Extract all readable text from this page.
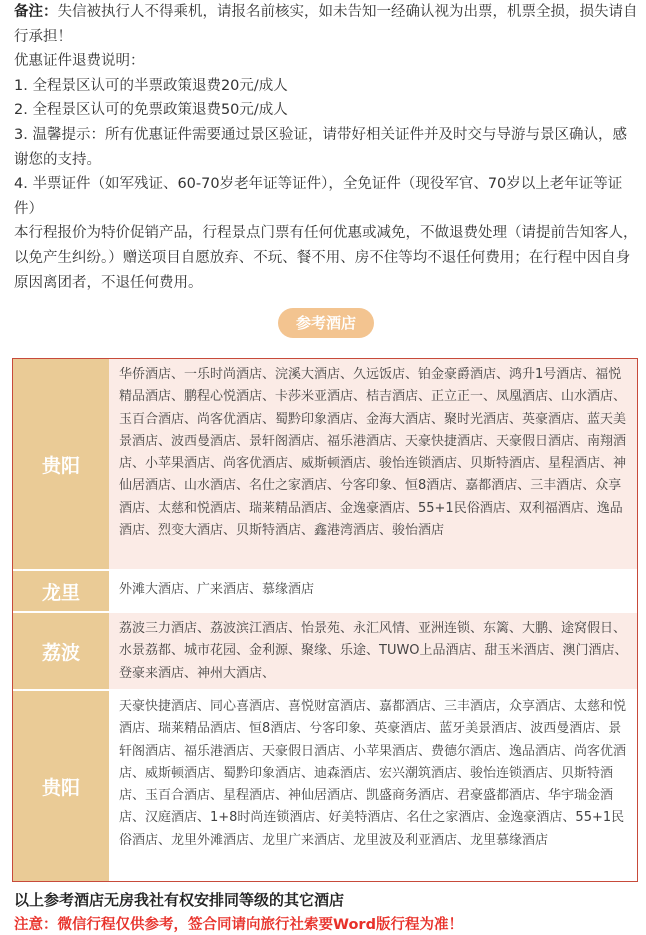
备注：失信被执行人不得乘机，请报名前核实，如未告知一经确认视为出票，机票全损，损失请自行承担！

优惠证件退费说明：

1. 全程景区认可的半票政策退费20元/成人

2. 全程景区认可的免票政策退费50元/成人

3. 温馨提示：所有优惠证件需要通过景区验证，请带好相关证件并及时交与导游与景区确认，感谢您的支持。

4. 半票证件（如军残证、60-70岁老年证等证件），全免证件（现役军官、70岁以上老年证等证件）

本行程报价为特价促销产品，行程景点门票有任何优惠或减免，不做退费处理（请提前告知客人，以免产生纠纷。）赠送项目自愿放弃、不玩、餐不用、房不住等均不退任何费用；在行程中因自身原因离团者，不退任何费用。

参考酒店
贵阳
华侨酒店、一乐时尚酒店、浣溪大酒店、久远饭店、铂金豪爵酒店、鸿升1号酒店、福悦精品酒店、鹏程心悦酒店、卡莎米亚酒店、桔吉酒店、正立正一、凤凰酒店、山水酒店、玉百合酒店、尚客优酒店、蜀黔印象酒店、金海大酒店、聚时光酒店、英豪酒店、蓝天美景酒店、波西曼酒店、景轩阁酒店、福乐港酒店、天豪快捷酒店、天豪假日酒店、南翔酒店、小苹果酒店、尚客优酒店、威斯顿酒店、骏怡连锁酒店、贝斯特酒店、星程酒店、神仙居酒店、山水酒店、名仕之家酒店、兮客印象、恒8酒店、嘉都酒店、三丰酒店、众享酒店、太慈和悦酒店、瑞莱精品酒店、金逸豪酒店、55+1民俗酒店、双利福酒店、逸品酒店、烈变大酒店、贝斯特酒店、鑫港湾酒店、骏怡酒店
龙里	外滩大酒店、广来酒店、慕缘酒店
荔波
荔波三力酒店、荔波滨江酒店、怡景苑、永汇风情、亚洲连锁、东篱、大鹏、途窝假日、水景荔都、城市花园、金利源、聚缘、乐途、TUWO上品酒店、甜玉米酒店、澳门酒店、登豪来酒店、神州大酒店、
贵阳
天豪快捷酒店、同心喜酒店、喜悦财富酒店、嘉都酒店、三丰酒店，众享酒店、太慈和悦酒店、瑞莱精品酒店、恒8酒店、兮客印象、英豪酒店、蓝牙美景酒店、波西曼酒店、景轩阁酒店、福乐港酒店、天豪假日酒店、小苹果酒店、费德尔酒店、逸品酒店、尚客优酒店、威斯顿酒店、蜀黔印象酒店、迪森酒店、宏兴潮筑酒店、骏怡连锁酒店、贝斯特酒店、玉百合酒店、星程酒店、神仙居酒店、凯盛商务酒店、君豪盛都酒店、华宇瑞金酒店、汉庭酒店、1+8时尚连锁酒店、好美特酒店、名仕之家酒店、金逸豪酒店、55+1民俗酒店、龙里外滩酒店、龙里广来酒店、龙里波及利亚酒店、龙里慕缘酒店
以上参考酒店无房我社有权安排同等级的其它酒店
注意：微信行程仅供参考，签合同请向旅行社索要Word版行程为准！
